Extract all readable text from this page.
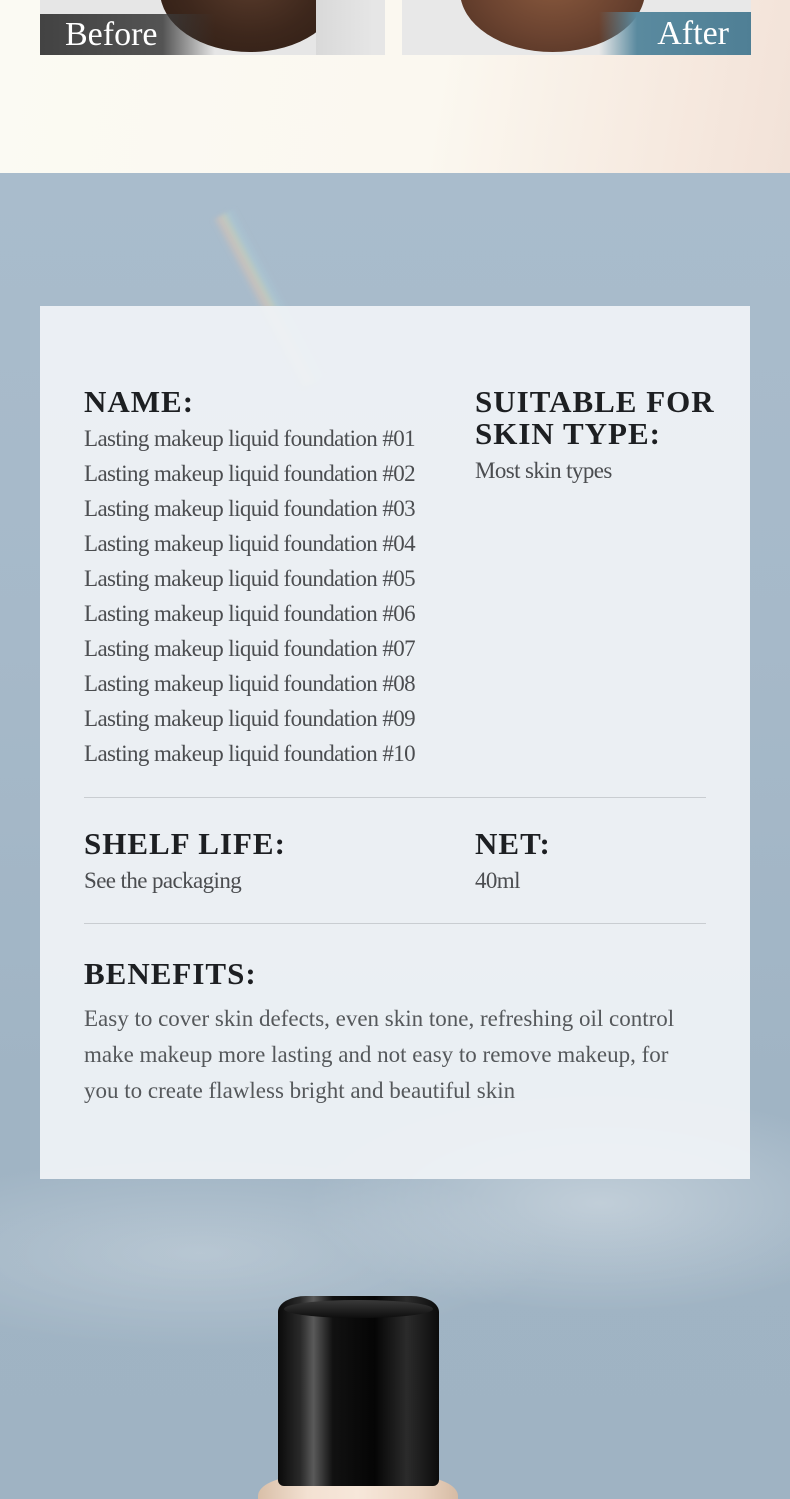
Before	After
NAME:
Lasting makeup liquid foundation #01
Lasting makeup liquid foundation #02
Lasting makeup liquid foundation #03
Lasting makeup liquid foundation #04
Lasting makeup liquid foundation #05
Lasting makeup liquid foundation #06
Lasting makeup liquid foundation #07
Lasting makeup liquid foundation #08
Lasting makeup liquid foundation #09
Lasting makeup liquid foundation #10
SUITABLE FOR
SKIN TYPE:
Most skin types
SHELF LIFE:
See the packaging
NET:
40ml
BENEFITS:
Easy to cover skin defects, even skin tone, refreshing oil control
make makeup more lasting and not easy to remove makeup, for
you to create flawless bright and beautiful skin
